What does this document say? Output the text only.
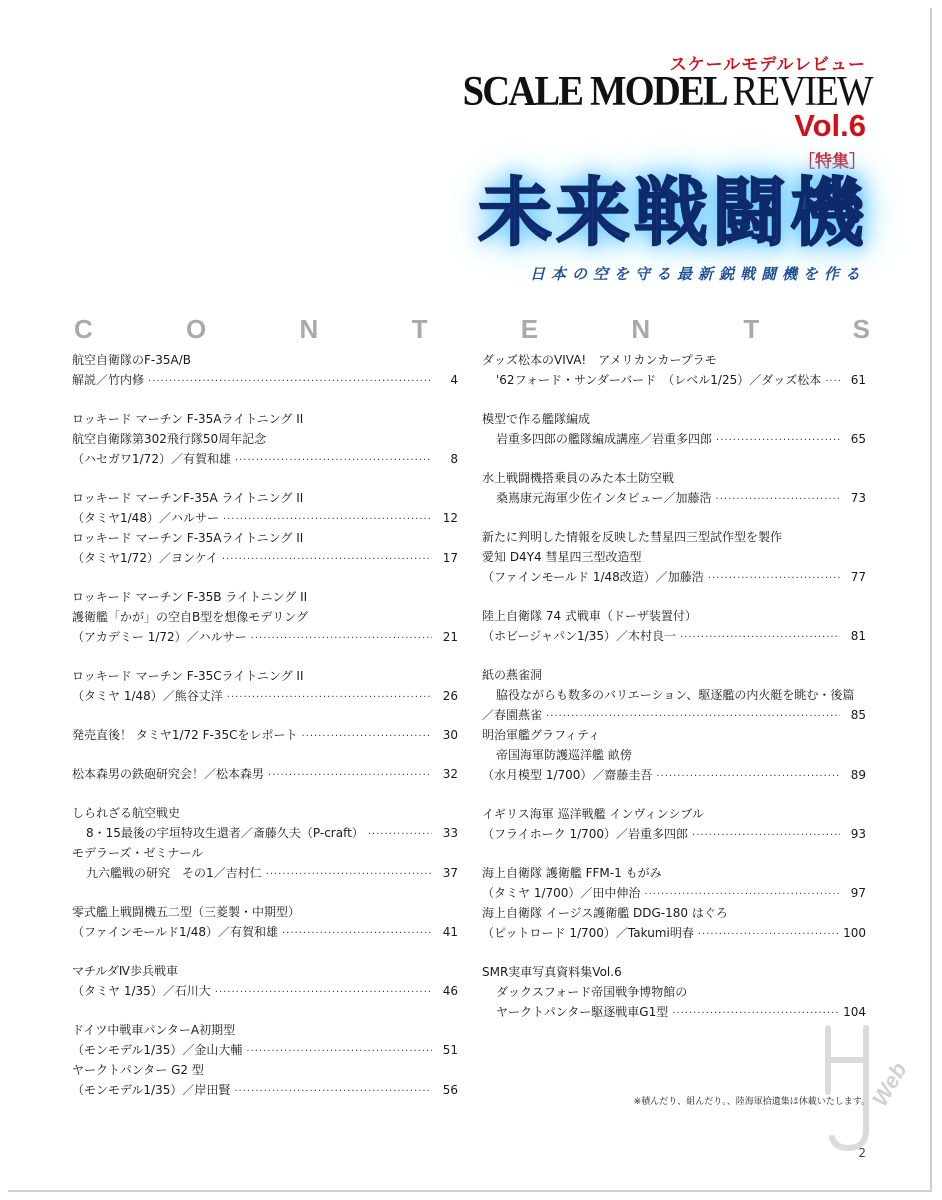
スケールモデルレビュー
SCALE MODEL REVIEW
Vol.6
［特集］
未来戦闘機
日本の空を守る最新鋭戦闘機を作る
C	O	N	T	E	N	T	S
航空自衛隊のF-35A/B
解説／竹内修 ·····	4
ロッキード マーチン F-35Aライトニング II
航空自衛隊第302飛行隊50周年記念
（ハセガワ1/72）／有賀和雄 ·····	8
ロッキード マーチンF-35A ライトニング II
（タミヤ1/48）／ハルサー ·····	12
ロッキード マーチン F-35Aライトニング II
（タミヤ1/72）／ヨンケイ ·····	17
ロッキード マーチン F-35B ライトニング II
護衛艦「かが」の空自B型を想像モデリング
（アカデミー 1/72）／ハルサー ·····	21
ロッキード マーチン F-35Cライトニング II
（タミヤ 1/48）／熊谷丈洋 ·····	26
発売直後！ タミヤ1/72 F-35Cをレポート ·····	30
松本森男の鉄砲研究会！／松本森男 ·····	32
しられざる航空戦史
8・15最後の宇垣特攻生還者／斎藤久夫（P-craft） ·····	33
モデラーズ・ゼミナール
九六艦戦の研究　その1／吉村仁 ·····	37
零式艦上戦闘機五二型（三菱製・中期型）
（ファインモールド1/48）／有賀和雄 ·····	41
マチルダⅣ歩兵戦車
（タミヤ 1/35）／石川大 ·····	46
ドイツ中戦車パンターA初期型
（モンモデル1/35）／金山大輔 ·····	51
ヤークトパンター G2 型
（モンモデル1/35）／岸田賢 ·····	56
ダッズ松本のVIVA!　アメリカンカープラモ
'62フォード・サンダーバード　（レベル1/25）／ダッズ松本 ·····	61
模型で作る艦隊編成
岩重多四郎の艦隊編成講座／岩重多四郎 ·····	65
水上戦闘機搭乗員のみた本土防空戦
桑嶌康元海軍少佐インタビュー／加藤浩 ·····	73
新たに判明した情報を反映した彗星四三型試作型を製作
愛知 D4Y4 彗星四三型改造型
（ファインモールド 1/48改造）／加藤浩 ·····	77
陸上自衛隊 74 式戦車（ドーザ装置付）
（ホビージャパン1/35）／木村良一 ·····	81
紙の燕雀洞
脇役ながらも数多のバリエーション、駆逐艦の内火艇を眺む・後篇
／春園燕雀 ·····	85
明治軍艦グラフィティ
帝国海軍防護巡洋艦 畝傍
（水月模型 1/700）／齋藤圭吾 ·····	89
イギリス海軍 巡洋戦艦 インヴィンシブル
（フライホーク 1/700）／岩重多四郎 ·····	93
海上自衛隊 護衛艦 FFM-1 もがみ
（タミヤ 1/700）／田中伸治 ·····	97
海上自衛隊 イージス護衛艦 DDG-180 はぐろ
（ピットロード 1/700）／Takumi明春 ·····	100
SMR実車写真資料集Vol.6
ダックスフォード帝国戦争博物館の
ヤークトパンター駆逐戦車G1型 ·····	104
※積んだり、組んだり。、陸海軍拾遺集は休載いたします。
2
Web
